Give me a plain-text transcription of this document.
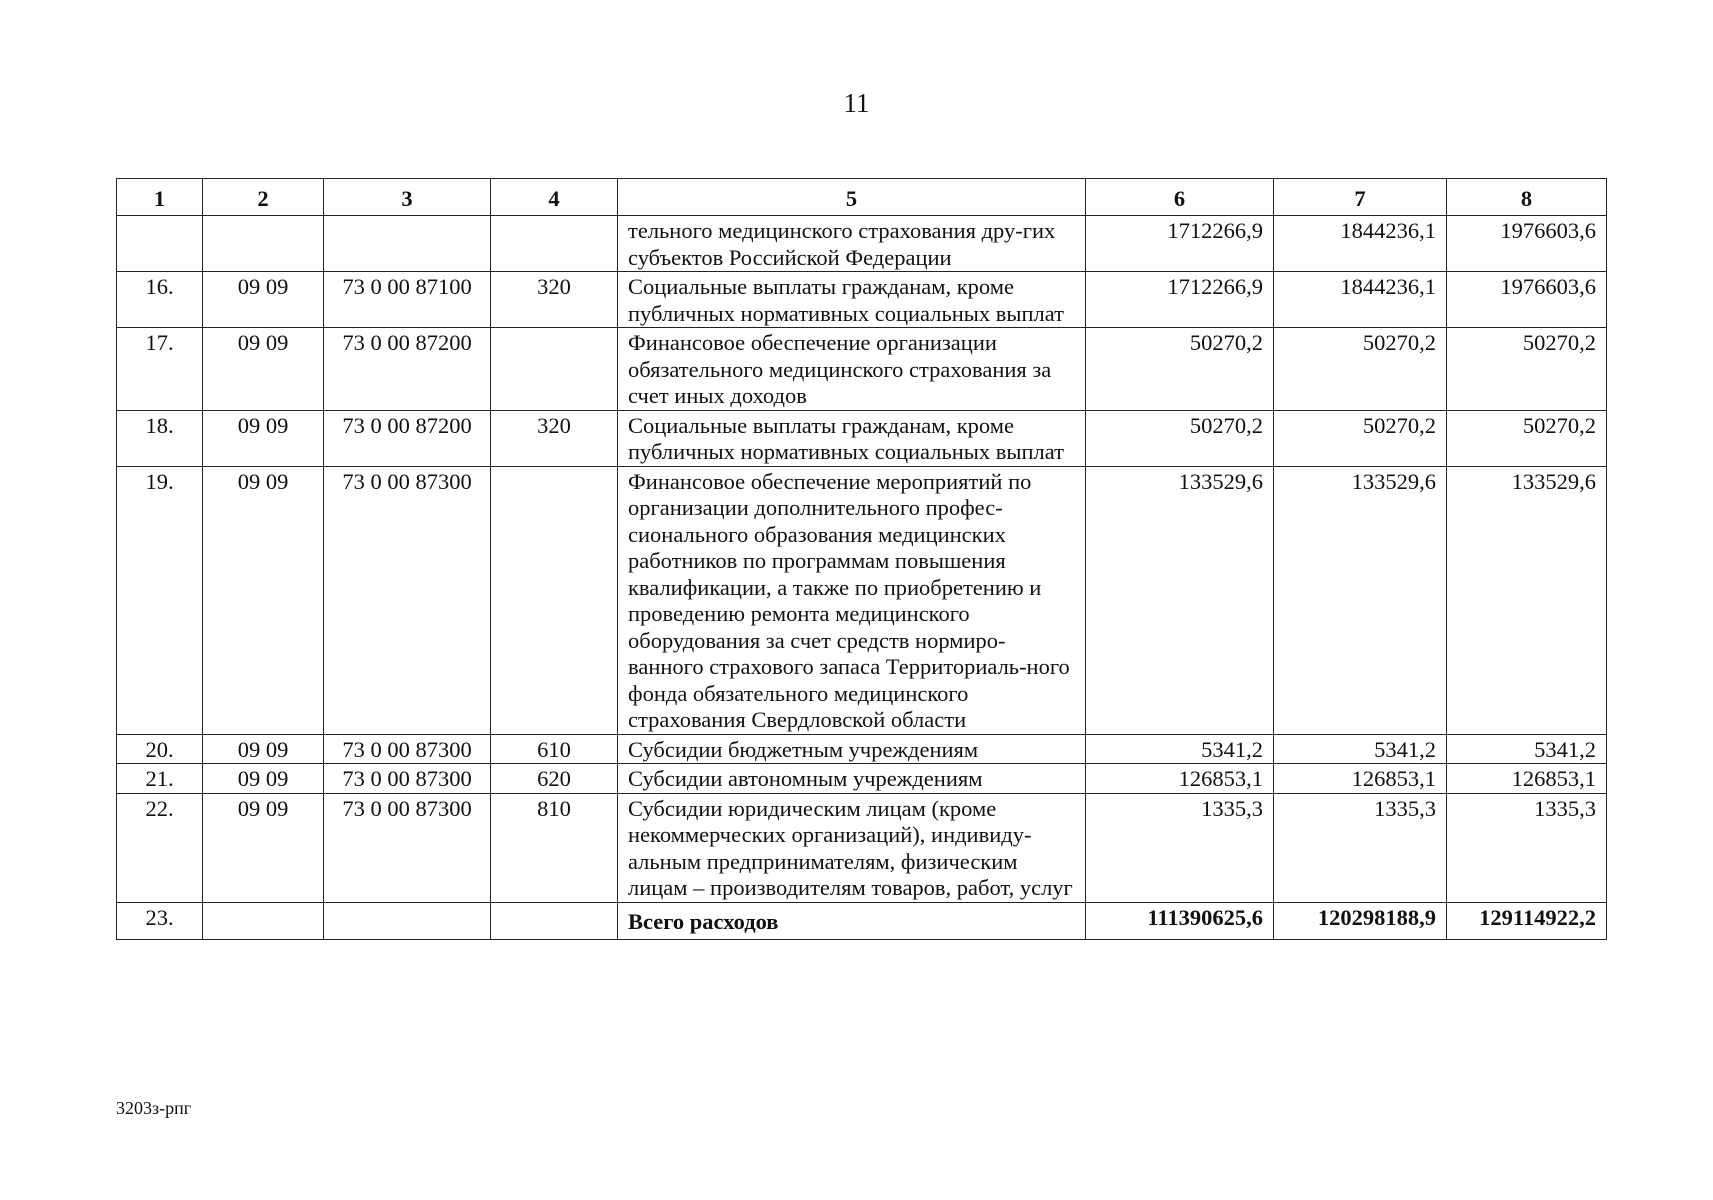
11
1	2	3	4	5	6	7	8
				тельного медицинского страхования дру-гих субъектов Российской Федерации	1712266,9	1844236,1	1976603,6
16.	09 09	73 0 00 87100	320	Социальные выплаты гражданам, кроме публичных нормативных социальных выплат	1712266,9	1844236,1	1976603,6
17.	09 09	73 0 00 87200		Финансовое обеспечение организации обязательного медицинского страхования за счет иных доходов	50270,2	50270,2	50270,2
18.	09 09	73 0 00 87200	320	Социальные выплаты гражданам, кроме публичных нормативных социальных выплат	50270,2	50270,2	50270,2
19.	09 09	73 0 00 87300		Финансовое обеспечение мероприятий по организации дополнительного профес-сионального образования медицинских работников по программам повышения квалификации, а также по приобретению и проведению ремонта медицинского оборудования за счет средств нормиро-ванного страхового запаса Территориаль-ного фонда обязательного медицинского страхования Свердловской области	133529,6	133529,6	133529,6
20.	09 09	73 0 00 87300	610	Субсидии бюджетным учреждениям	5341,2	5341,2	5341,2
21.	09 09	73 0 00 87300	620	Субсидии автономным учреждениям	126853,1	126853,1	126853,1
22.	09 09	73 0 00 87300	810	Субсидии юридическим лицам (кроме некоммерческих организаций), индивиду-альным предпринимателям, физическим лицам – производителям товаров, работ, услуг	1335,3	1335,3	1335,3
23.				Всего расходов	111390625,6	120298188,9	129114922,2
3203з-рпг
